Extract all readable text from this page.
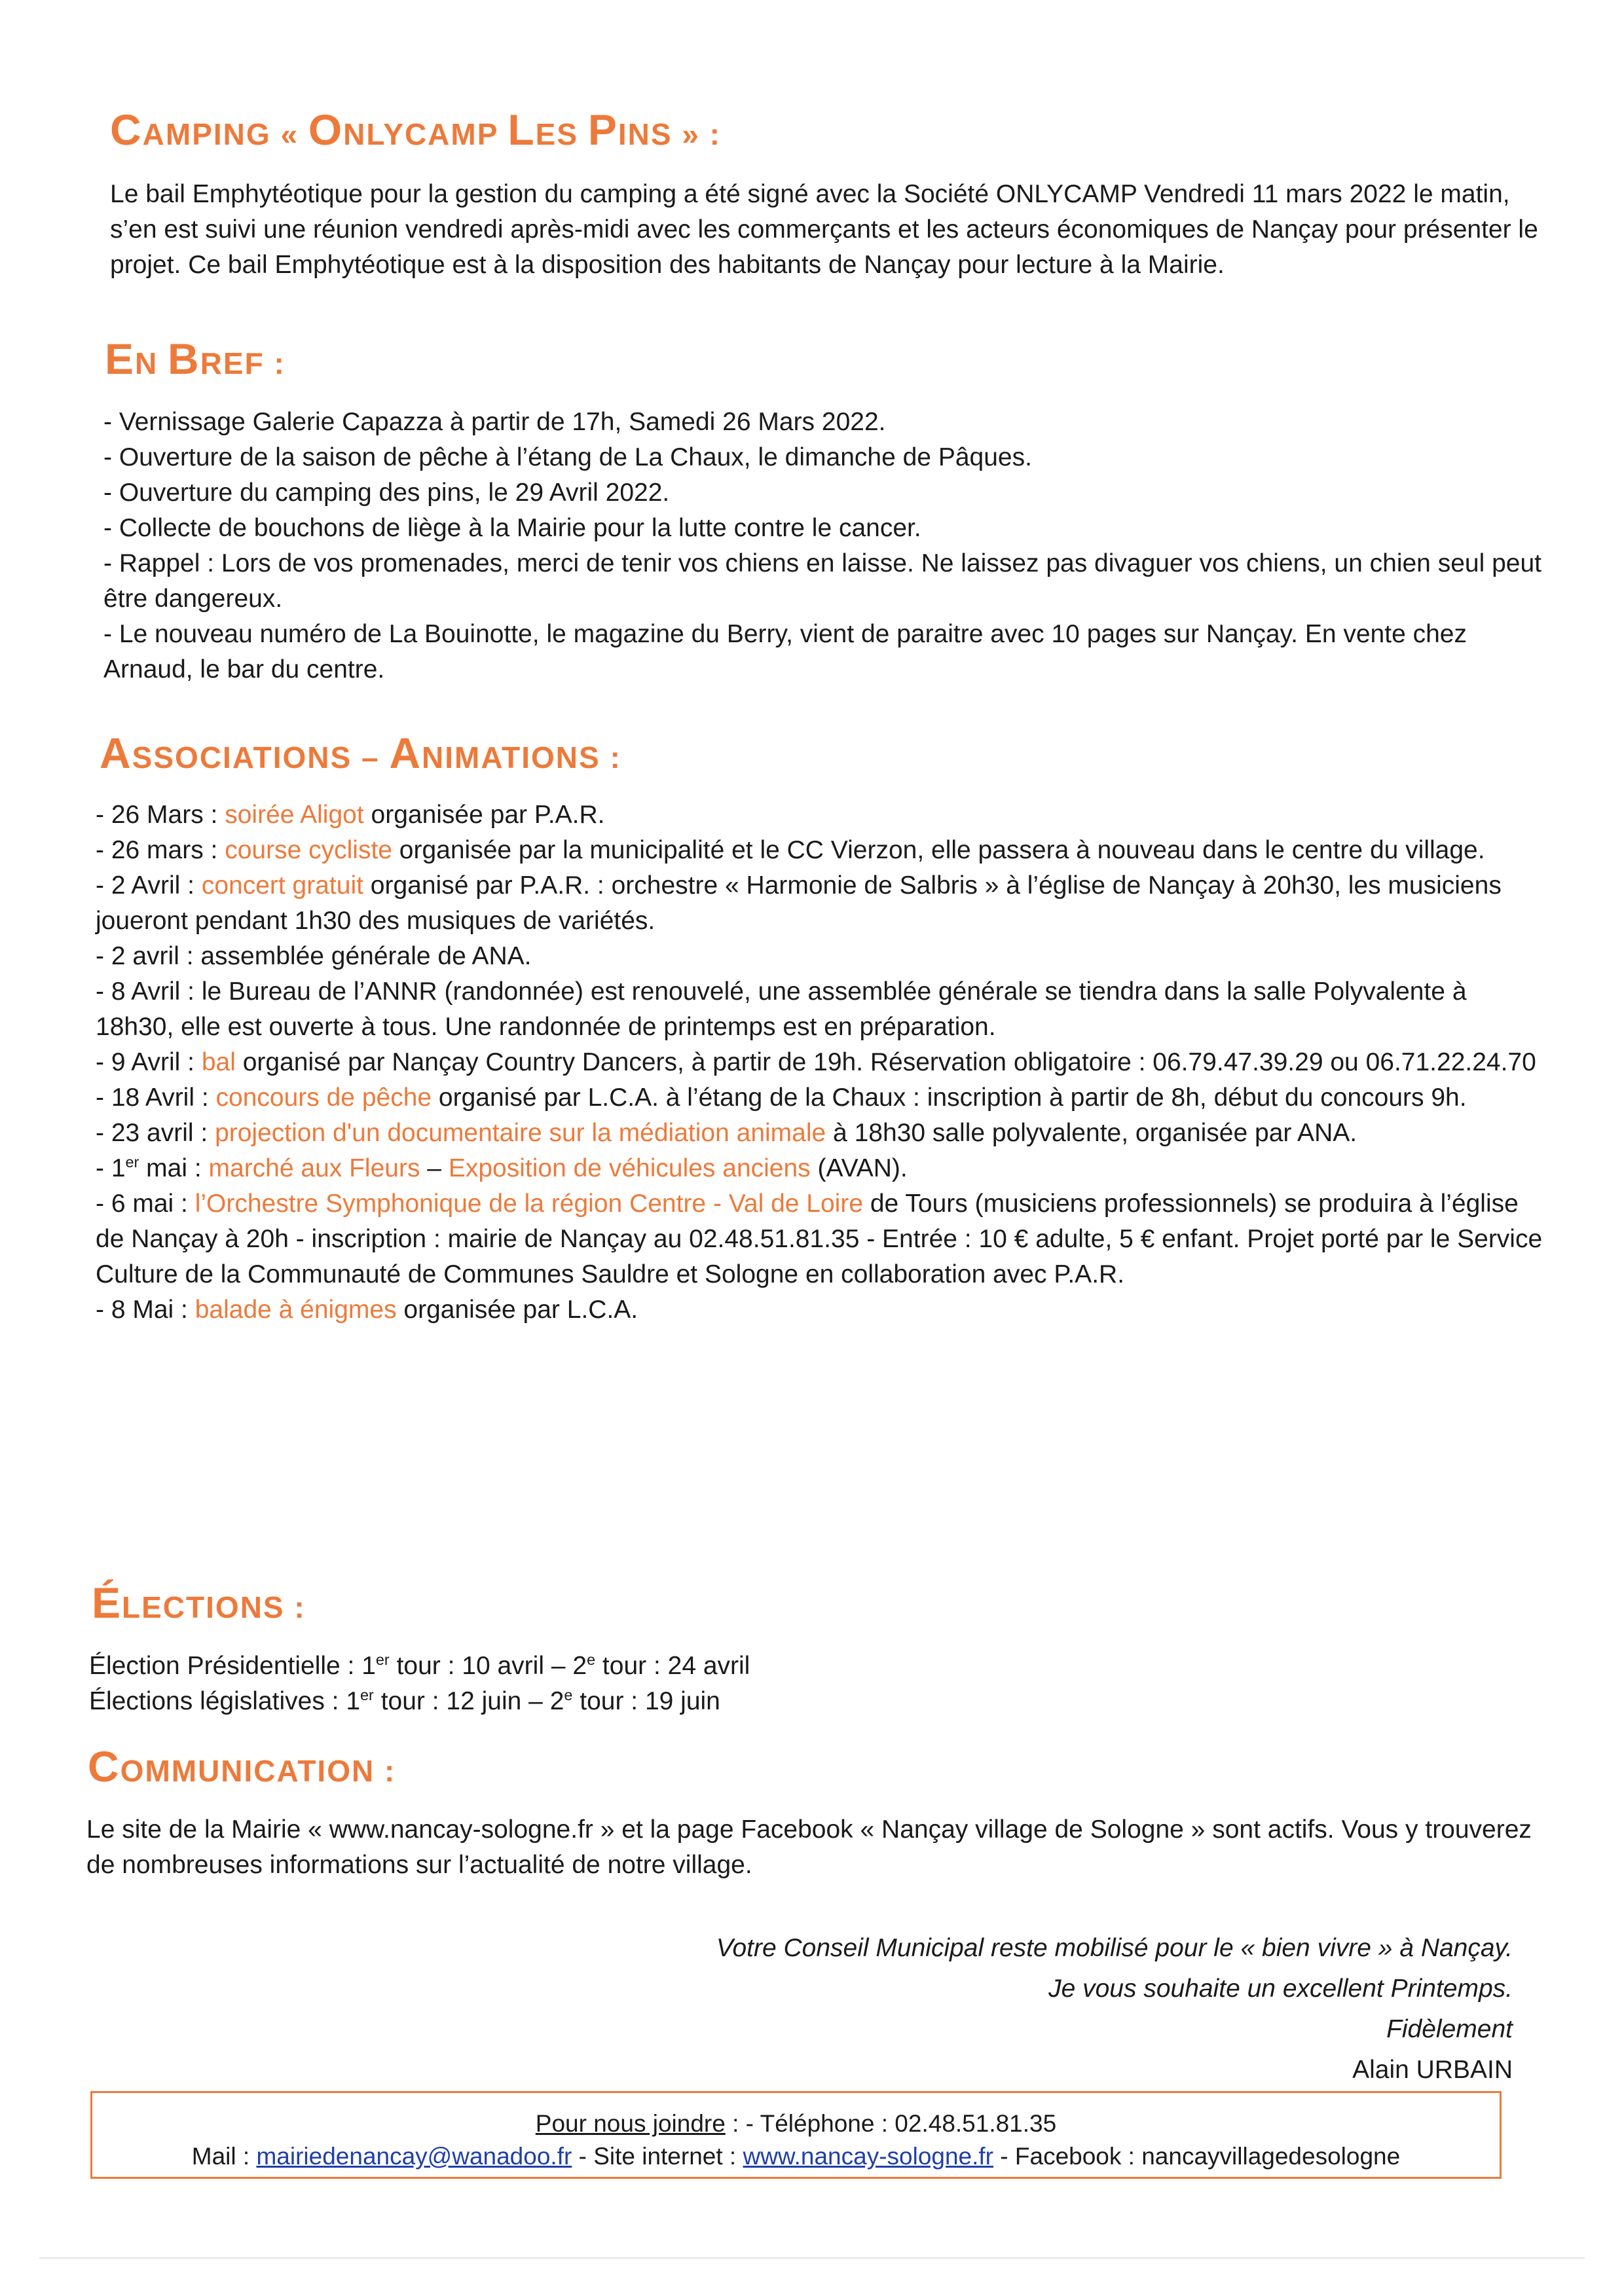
CAMPING « ONLYCAMP LES PINS » :

Le bail Emphytéotique pour la gestion du camping a été signé avec la Société ONLYCAMP Vendredi 11 mars 2022 le matin, s’en est suivi une réunion vendredi après-midi avec les commerçants et les acteurs économiques de Nançay pour présenter le projet. Ce bail Emphytéotique est à la disposition des habitants de Nançay pour lecture à la Mairie.

EN BREF :

- Vernissage Galerie Capazza à partir de 17h, Samedi 26 Mars 2022.

- Ouverture de la saison de pêche à l’étang de La Chaux, le dimanche de Pâques.

- Ouverture du camping des pins, le 29 Avril 2022.

- Collecte de bouchons de liège à la Mairie pour la lutte contre le cancer.

- Rappel : Lors de vos promenades, merci de tenir vos chiens en laisse. Ne laissez pas divaguer vos chiens, un chien seul peut être dangereux.

- Le nouveau numéro de La Bouinotte, le magazine du Berry, vient de paraitre avec 10 pages sur Nançay. En vente chez Arnaud, le bar du centre.

ASSOCIATIONS – ANIMATIONS :

- 26 Mars : soirée Aligot organisée par P.A.R.

- 26 mars : course cycliste organisée par la municipalité et le CC Vierzon, elle passera à nouveau dans le centre du village.

- 2 Avril : concert gratuit organisé par P.A.R. : orchestre « Harmonie de Salbris » à l’église de Nançay à 20h30, les musiciens joueront pendant 1h30 des musiques de variétés.

- 2 avril : assemblée générale de ANA.

- 8 Avril : le Bureau de l’ANNR (randonnée) est renouvelé, une assemblée générale se tiendra dans la salle Polyvalente à 18h30, elle est ouverte à tous. Une randonnée de printemps est en préparation.

- 9 Avril : bal organisé par Nançay Country Dancers, à partir de 19h. Réservation obligatoire : 06.79.47.39.29 ou 06.71.22.24.70

- 18 Avril : concours de pêche organisé par L.C.A. à l’étang de la Chaux : inscription à partir de 8h, début du concours 9h.

- 23 avril : projection d'un documentaire sur la médiation animale à 18h30 salle polyvalente, organisée par ANA.

- 1er mai : marché aux Fleurs – Exposition de véhicules anciens (AVAN).

- 6 mai : l’Orchestre Symphonique de la région Centre - Val de Loire de Tours (musiciens professionnels) se produira à l’église de Nançay à 20h - inscription : mairie de Nançay au 02.48.51.81.35 - Entrée : 10 € adulte, 5 € enfant. Projet porté par le Service Culture de la Communauté de Communes Sauldre et Sologne en collaboration avec P.A.R.

- 8 Mai : balade à énigmes organisée par L.C.A.

ÉLECTIONS :

Élection Présidentielle : 1er tour : 10 avril – 2e tour : 24 avril

Élections législatives : 1er tour : 12 juin – 2e tour : 19 juin

COMMUNICATION :

Le site de la Mairie « www.nancay-sologne.fr » et la page Facebook « Nançay village de Sologne » sont actifs. Vous y trouverez de nombreuses informations sur l’actualité de notre village.

Votre Conseil Municipal reste mobilisé pour le « bien vivre » à Nançay.
Je vous souhaite un excellent Printemps.
Fidèlement
Alain URBAIN
Pour nous joindre : - Téléphone : 02.48.51.81.35
Mail : mairiedenancay@wanadoo.fr - Site internet : www.nancay-sologne.fr - Facebook : nancayvillagedesologne
